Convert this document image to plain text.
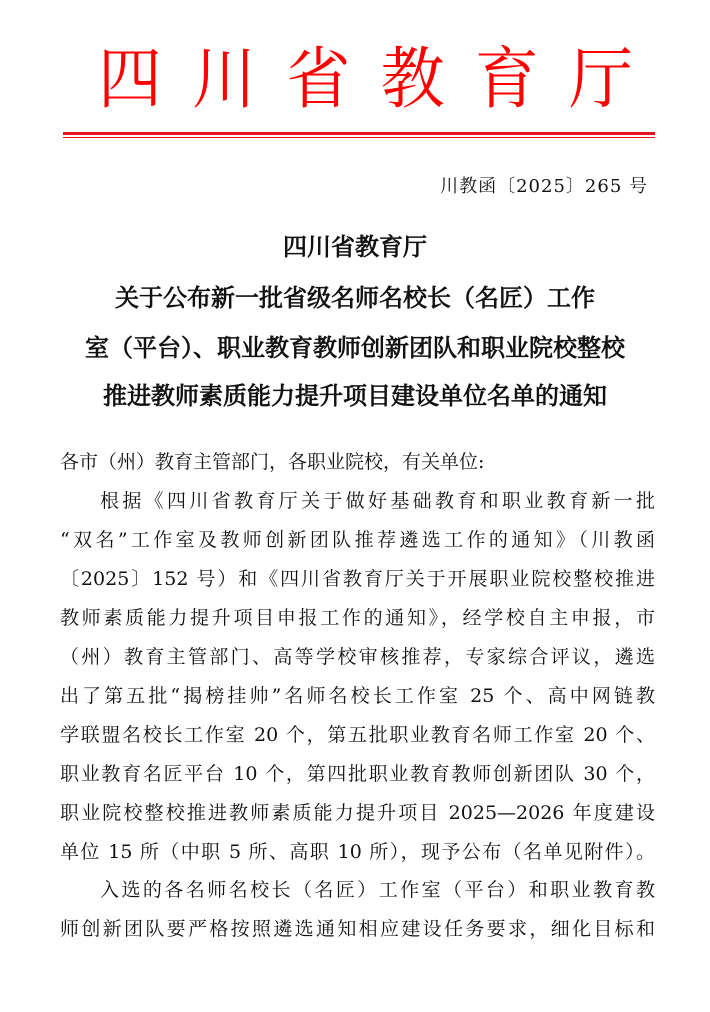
四 川 省 教 育 厅
川教函〔2025〕265 号
四川省教育厅
关于公布新一批省级名师名校长（名匠）工作
室（平台）、职业教育教师创新团队和职业院校整校
推进教师素质能力提升项目建设单位名单的通知
各市（州）教育主管部门，各职业院校，有关单位:
根据《四川省教育厅关于做好基础教育和职业教育新一批
“双名”工作室及教师创新团队推荐遴选工作的通知》（川教函
〔2025〕152 号）和《四川省教育厅关于开展职业院校整校推进
教师素质能力提升项目申报工作的通知》，经学校自主申报，市
（州）教育主管部门、高等学校审核推荐，专家综合评议，遴选
出了第五批“揭榜挂帅”名师名校长工作室 25 个、高中网链教
学联盟名校长工作室 20 个，第五批职业教育名师工作室 20 个、
职业教育名匠平台 10 个，第四批职业教育教师创新团队 30 个，
职业院校整校推进教师素质能力提升项目 2025—2026 年度建设
单位 15 所（中职 5 所、高职 10 所），现予公布（名单见附件）。
入选的各名师名校长（名匠）工作室（平台）和职业教育教
师创新团队要严格按照遴选通知相应建设任务要求，细化目标和
